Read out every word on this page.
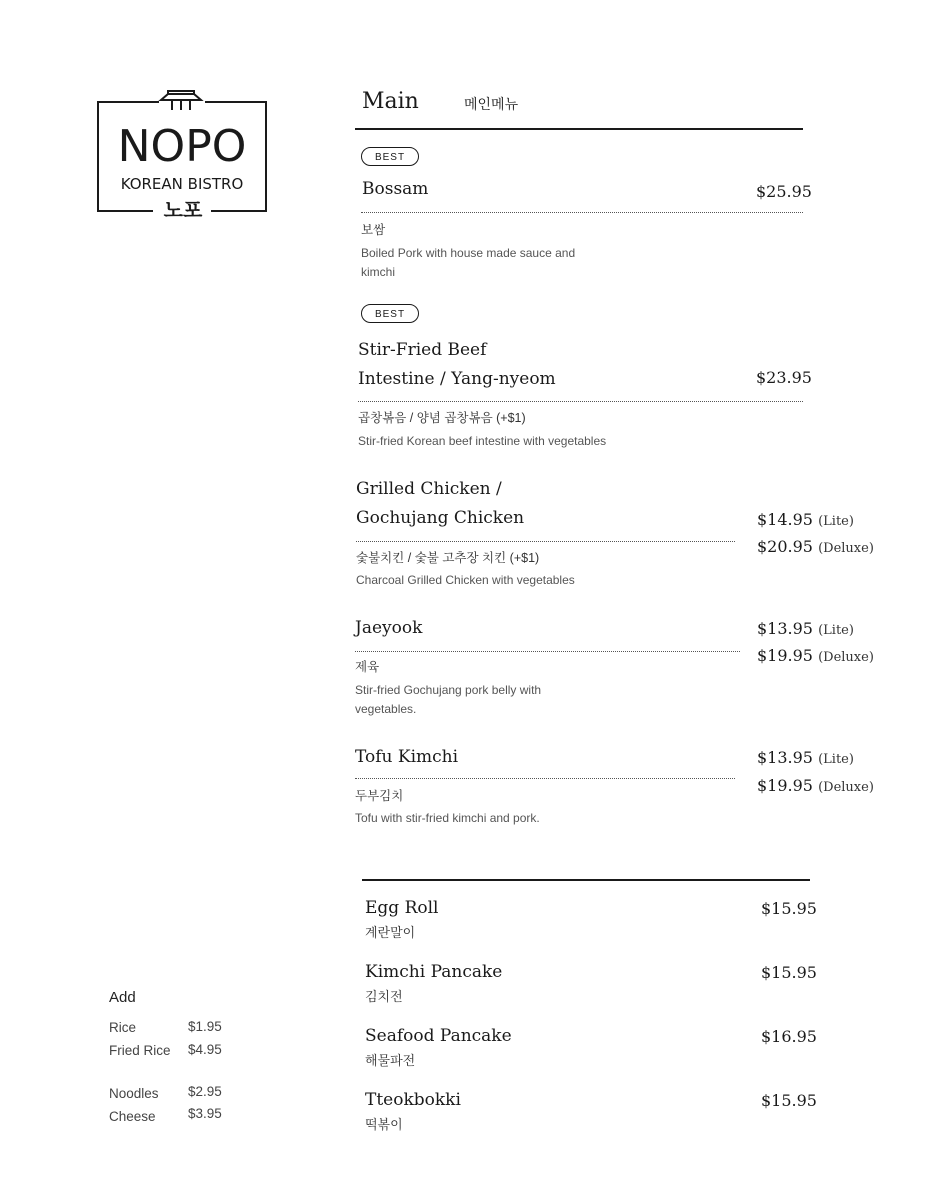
NOPO
KOREAN BISTRO
노포
Main	메인메뉴
BEST
Bossam	$25.95
보쌈
Boiled Pork with house made sauce and
kimchi
BEST
Stir-Fried Beef
Intestine / Yang-nyeom	$23.95
곱창볶음 / 양념 곱창볶음 (+$1)
Stir-fried Korean beef intestine with vegetables
Grilled Chicken /
Gochujang Chicken	$14.95 (Lite)
$20.95 (Deluxe)
숯불치킨 / 숯불 고추장 치킨 (+$1)
Charcoal Grilled Chicken with vegetables
Jaeyook	$13.95 (Lite)
$19.95 (Deluxe)
제육
Stir-fried Gochujang pork belly with
vegetables.
Tofu Kimchi	$13.95 (Lite)
$19.95 (Deluxe)
두부김치
Tofu with stir-fried kimchi and pork.
Egg Roll
계란말이
$15.95
Kimchi Pancake
김치전
$15.95
Seafood Pancake
해물파전
$16.95
Tteokbokki
떡볶이
$15.95
Add
Rice	$1.95
Fried Rice $4.95
Noodles $2.95
Cheese $3.95
